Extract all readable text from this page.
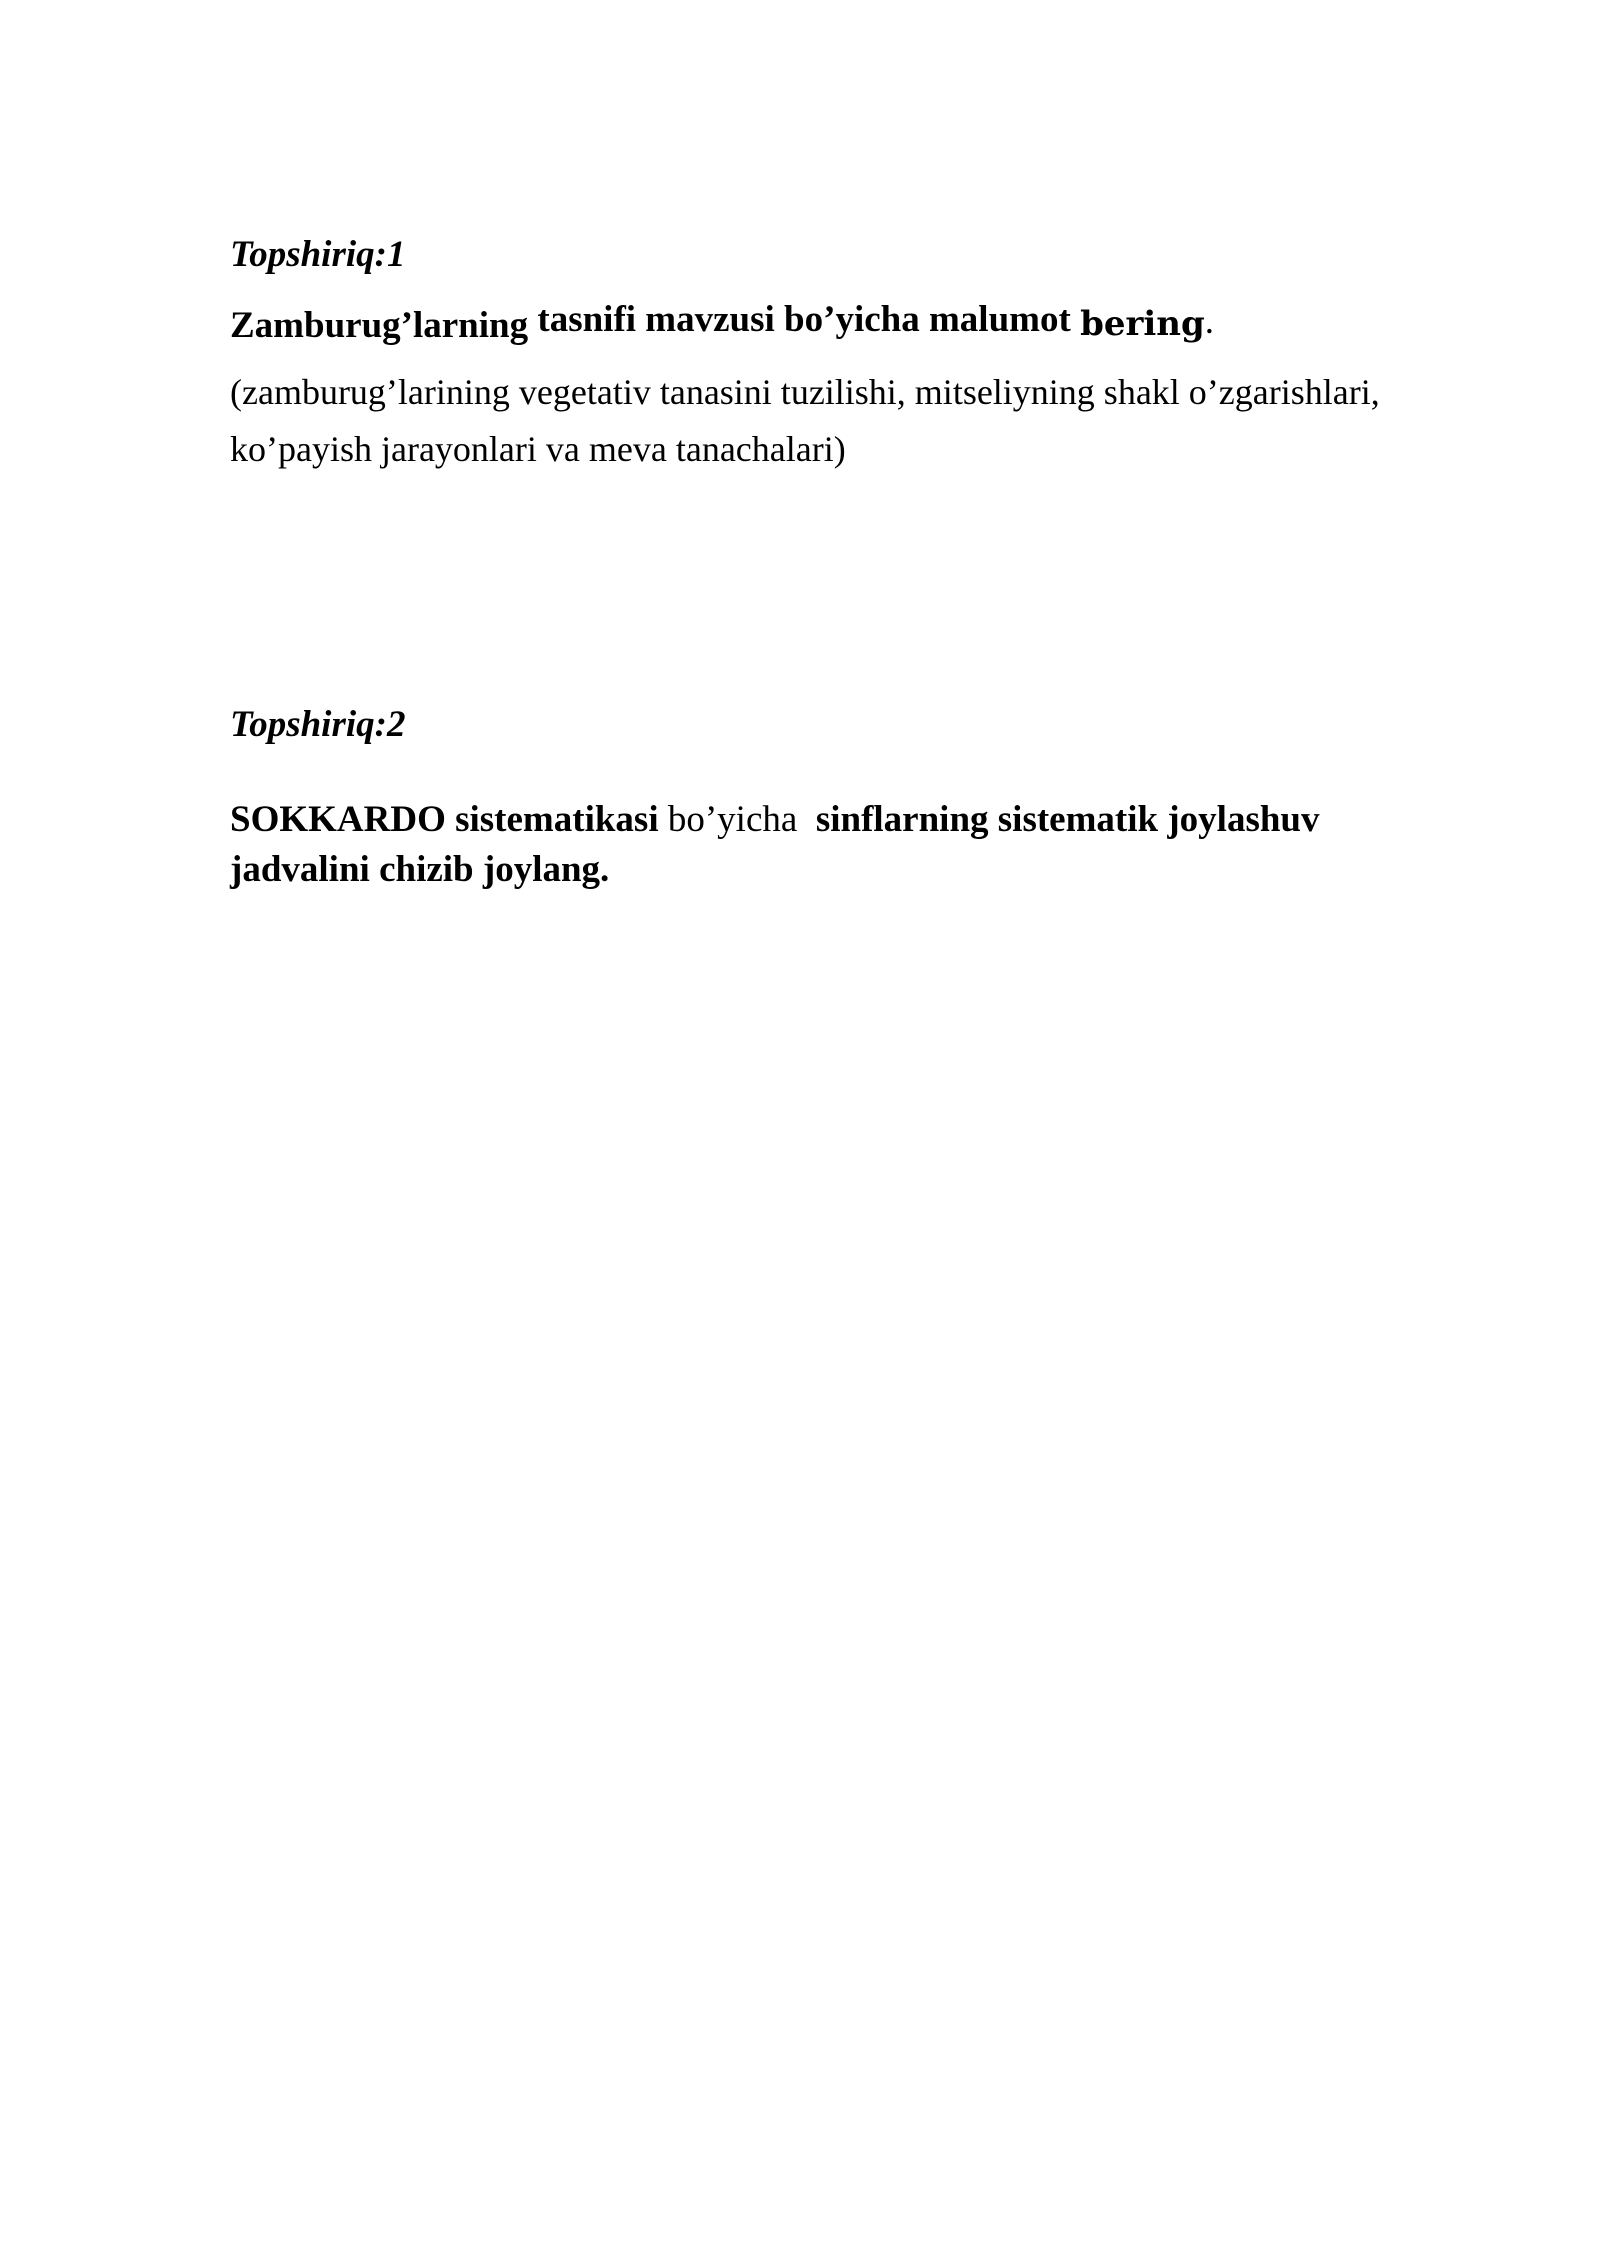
Topshiriq:1
Zamburug’larning tasnifi mavzusi bo’yicha malumot bering.

(zamburug’larining vegetativ tanasini tuzilishi, mitseliyning shakl o’zgarishlari,
ko’payish jarayonlari va meva tanachalari)

Topshiriq:2

SOKKARDO sistematikasi bo’yicha  sinflarning sistematik joylashuv
jadvalini chizib joylang.
